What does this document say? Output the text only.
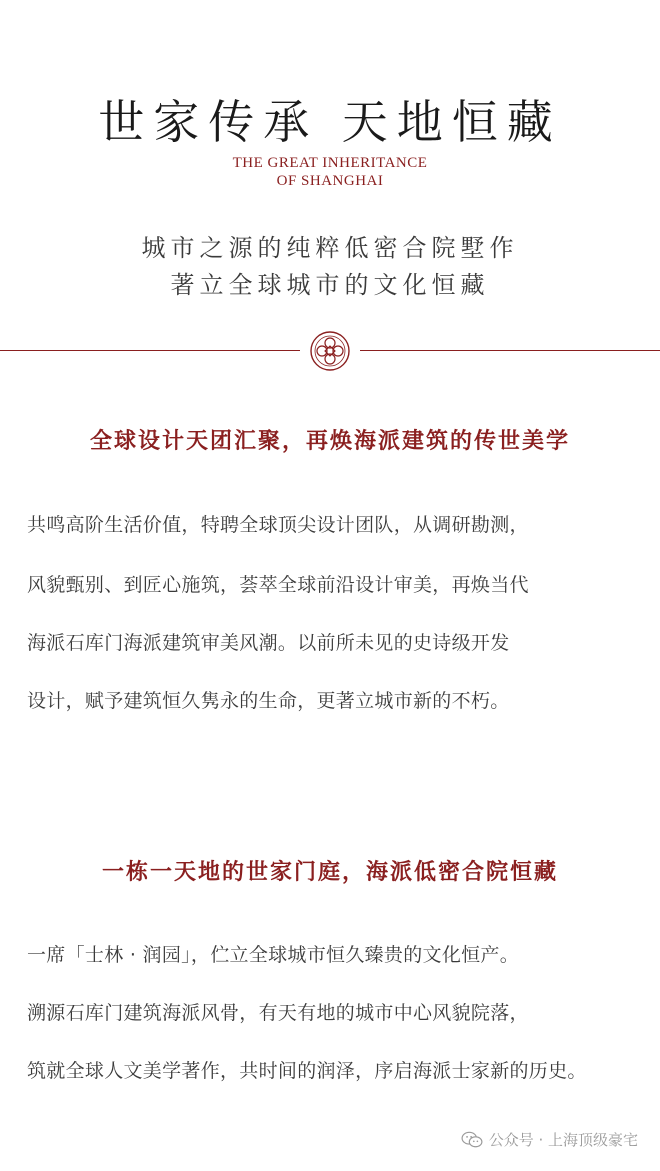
世家传承 天地恒藏
THE GREAT INHERITANCE
OF SHANGHAI
城市之源的纯粹低密合院墅作
著立全球城市的文化恒藏
全球设计天团汇聚，再焕海派建筑的传世美学
共鸣高阶生活价值，特聘全球顶尖设计团队，从调研勘测，
风貌甄别、到匠心施筑，荟萃全球前沿设计审美，再焕当代
海派石库门海派建筑审美风潮。以前所未见的史诗级开发
设计，赋予建筑恒久隽永的生命，更著立城市新的不朽。
一栋一天地的世家门庭，海派低密合院恒藏
一席「士林 · 润园」，伫立全球城市恒久臻贵的文化恒产。
溯源石库门建筑海派风骨，有天有地的城市中心风貌院落，
筑就全球人文美学著作，共时间的润泽，序启海派士家新的历史。
公众号 · 上海顶级豪宅
